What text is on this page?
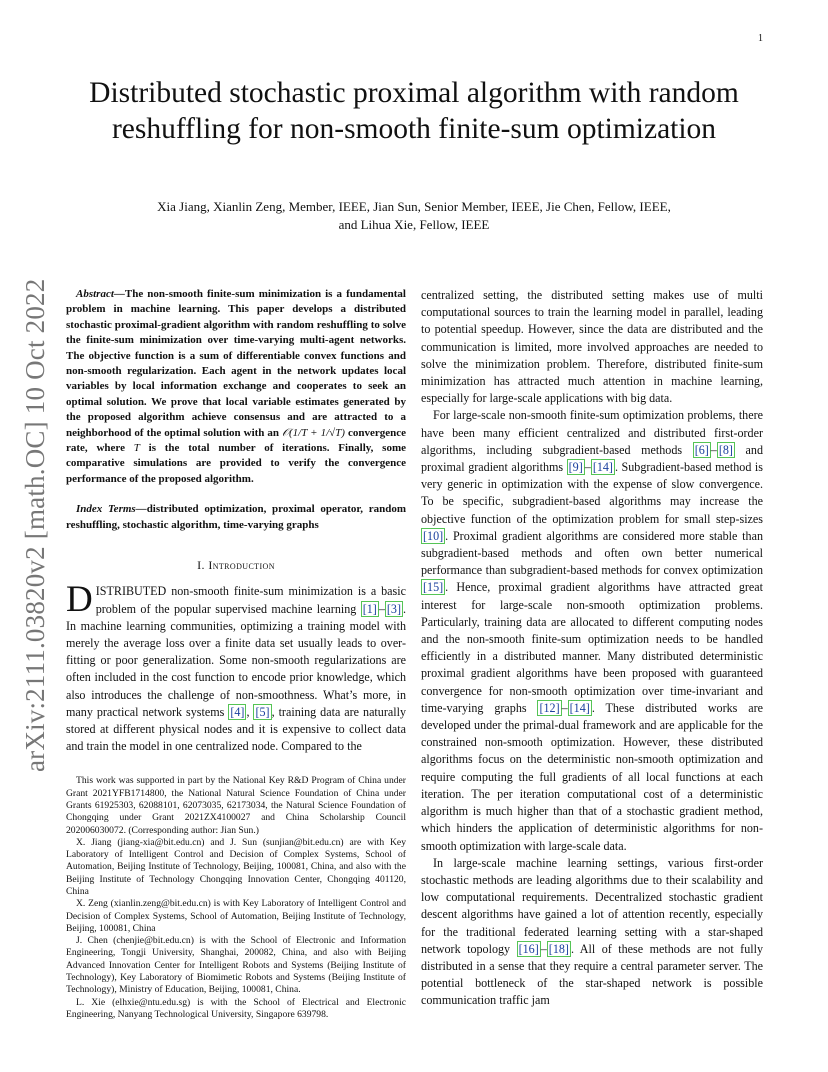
1
arXiv:2111.03820v2 [math.OC] 10 Oct 2022
Distributed stochastic proximal algorithm with random reshuffling for non-smooth finite-sum optimization
Xia Jiang, Xianlin Zeng, Member, IEEE, Jian Sun, Senior Member, IEEE, Jie Chen, Fellow, IEEE,
and Lihua Xie, Fellow, IEEE

Abstract—The non-smooth finite-sum minimization is a fundamental problem in machine learning. This paper develops a distributed stochastic proximal-gradient algorithm with random reshuffling to solve the finite-sum minimization over time-varying multi-agent networks. The objective function is a sum of differentiable convex functions and non-smooth regularization. Each agent in the network updates local variables by local information exchange and cooperates to seek an optimal solution. We prove that local variable estimates generated by the proposed algorithm achieve consensus and are attracted to a neighborhood of the optimal solution with an 𝒪(1/T + 1/√T) convergence rate, where T is the total number of iterations. Finally, some comparative simulations are provided to verify the convergence performance of the proposed algorithm.

Index Terms—distributed optimization, proximal operator, random reshuffling, stochastic algorithm, time-varying graphs

I. Introduction

DISTRIBUTED non-smooth finite-sum minimization is a basic problem of the popular supervised machine learning [1] – [3] . In machine learning communities, optimizing a training model with merely the average loss over a finite data set usually leads to over-fitting or poor generalization. Some non-smooth regularizations are often included in the cost function to encode prior knowledge, which also introduces the challenge of non-smoothness. What’s more, in many practical network systems [4] , [5] , training data are naturally stored at different physical nodes and it is expensive to collect data and train the model in one centralized node. Compared to the

This work was supported in part by the National Key R&D Program of China under Grant 2021YFB1714800, the National Natural Science Foundation of China under Grants 61925303, 62088101, 62073035, 62173034, the Natural Science Foundation of Chongqing under Grant 2021ZX4100027 and China Scholarship Council 202006030072. (Corresponding author: Jian Sun.)

X. Jiang (jiang-xia@bit.edu.cn) and J. Sun (sunjian@bit.edu.cn) are with Key Laboratory of Intelligent Control and Decision of Complex Systems, School of Automation, Beijing Institute of Technology, Beijing, 100081, China, and also with the Beijing Institute of Technology Chongqing Innovation Center, Chongqing 401120, China

X. Zeng (xianlin.zeng@bit.edu.cn) is with Key Laboratory of Intelligent Control and Decision of Complex Systems, School of Automation, Beijing Institute of Technology, Beijing, 100081, China

J. Chen (chenjie@bit.edu.cn) is with the School of Electronic and Information Engineering, Tongji University, Shanghai, 200082, China, and also with Beijing Advanced Innovation Center for Intelligent Robots and Systems (Beijing Institute of Technology), Key Laboratory of Biomimetic Robots and Systems (Beijing Institute of Technology), Ministry of Education, Beijing, 100081, China.

L. Xie (elhxie@ntu.edu.sg) is with the School of Electrical and Electronic Engineering, Nanyang Technological University, Singapore 639798.

centralized setting, the distributed setting makes use of multi computational sources to train the learning model in parallel, leading to potential speedup. However, since the data are distributed and the communication is limited, more involved approaches are needed to solve the minimization problem. Therefore, distributed finite-sum minimization has attracted much attention in machine learning, especially for large-scale applications with big data.

For large-scale non-smooth finite-sum optimization problems, there have been many efficient centralized and distributed first-order algorithms, including subgradient-based methods [6] – [8] and proximal gradient algorithms [9] – [14] . Subgradient-based method is very generic in optimization with the expense of slow convergence. To be specific, subgradient-based algorithms may increase the objective function of the optimization problem for small step-sizes [10] . Proximal gradient algorithms are considered more stable than subgradient-based methods and often own better numerical performance than subgradient-based methods for convex optimization [15] . Hence, proximal gradient algorithms have attracted great interest for large-scale non-smooth optimization problems. Particularly, training data are allocated to different computing nodes and the non-smooth finite-sum optimization needs to be handled efficiently in a distributed manner. Many distributed deterministic proximal gradient algorithms have been proposed with guaranteed convergence for non-smooth optimization over time-invariant and time-varying graphs [12] – [14] . These distributed works are developed under the primal-dual framework and are applicable for the constrained non-smooth optimization. However, these distributed algorithms focus on the deterministic non-smooth optimization and require computing the full gradients of all local functions at each iteration. The per iteration computational cost of a deterministic algorithm is much higher than that of a stochastic gradient method, which hinders the application of deterministic algorithms for non-smooth optimization with large-scale data.

In large-scale machine learning settings, various first-order stochastic methods are leading algorithms due to their scalability and low computational requirements. Decentralized stochastic gradient descent algorithms have gained a lot of attention recently, especially for the traditional federated learning setting with a star-shaped network topology [16] – [18] . All of these methods are not fully distributed in a sense that they require a central parameter server. The potential bottleneck of the star-shaped network is possible communication traffic jam
